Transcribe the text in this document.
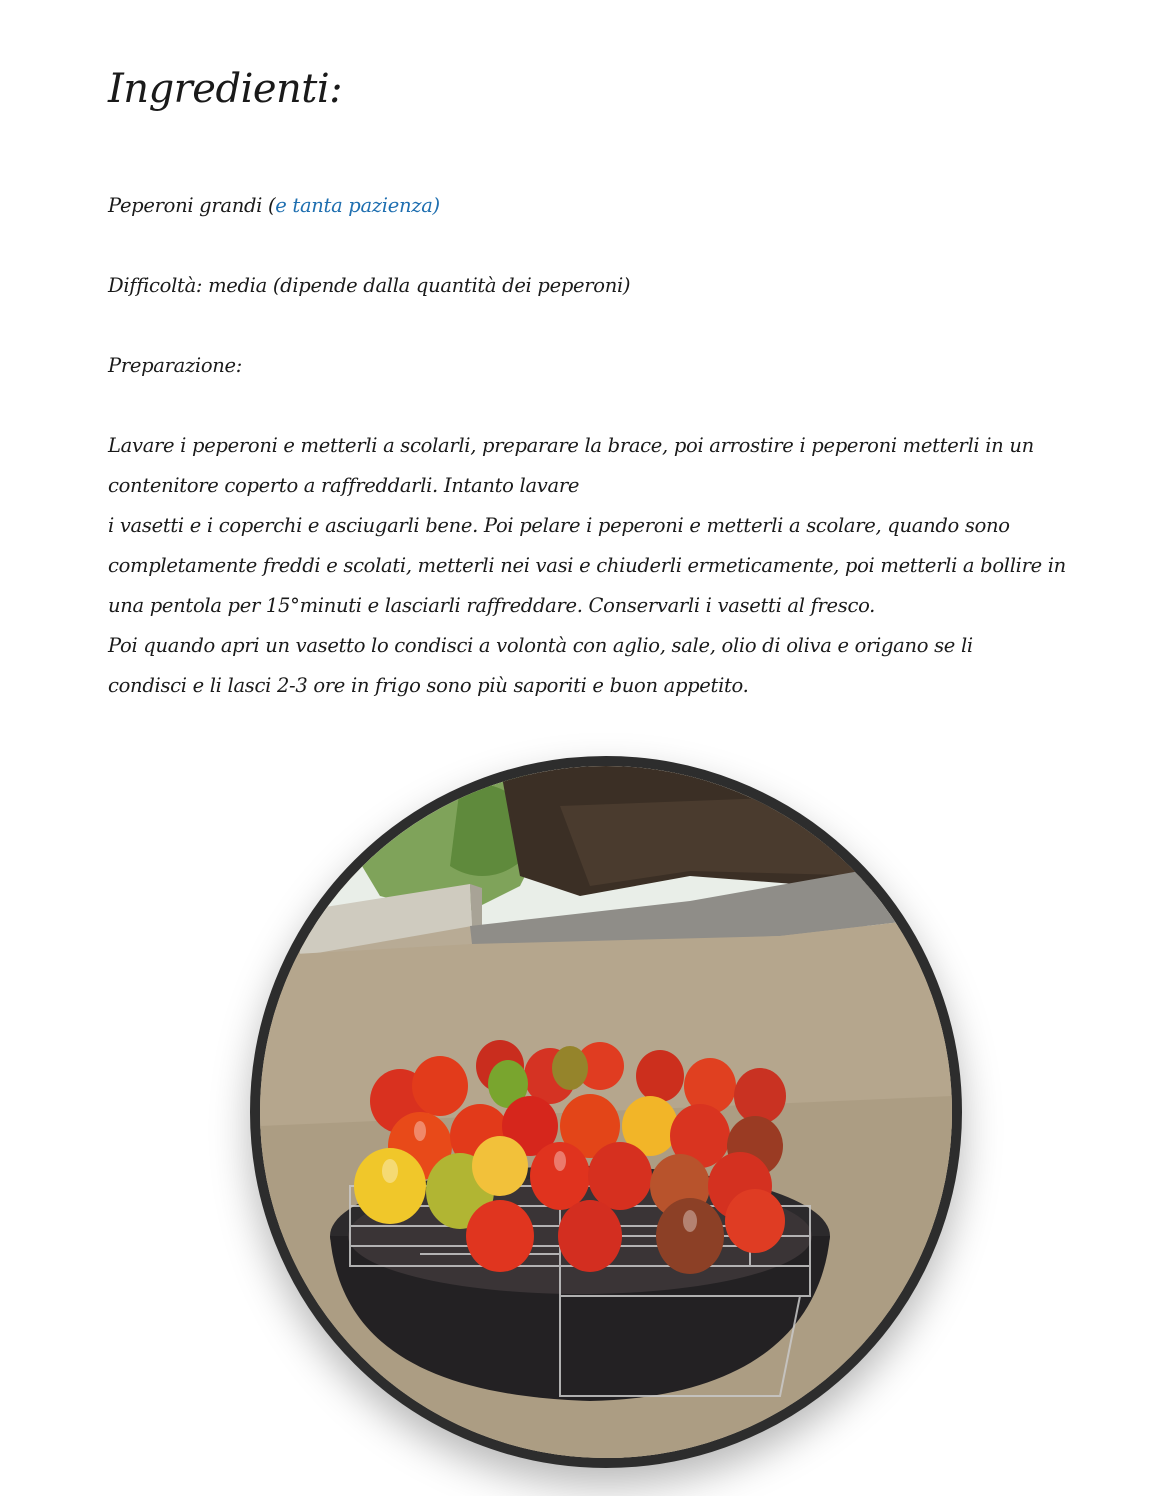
Ingredienti:

Peperoni grandi (e tanta pazienza)

Difficoltà: media (dipende dalla quantità dei peperoni)

Preparazione:

Lavare i peperoni e metterli a scolarli, preparare la brace, poi arrostire i peperoni metterli in un
contenitore coperto a raffreddarli. Intanto lavare
i vasetti e i coperchi e asciugarli bene. Poi pelare i peperoni e metterli a scolare, quando sono
completamente freddi e scolati, metterli nei vasi e chiuderli ermeticamente, poi metterli a bollire in
una pentola per 15°minuti e lasciarli raffreddare. Conservarli i vasetti al fresco.
Poi quando apri un vasetto lo condisci a volontà con aglio, sale, olio di oliva e origano se li
condisci e li lasci 2-3 ore in frigo sono più saporiti e buon appetito.
